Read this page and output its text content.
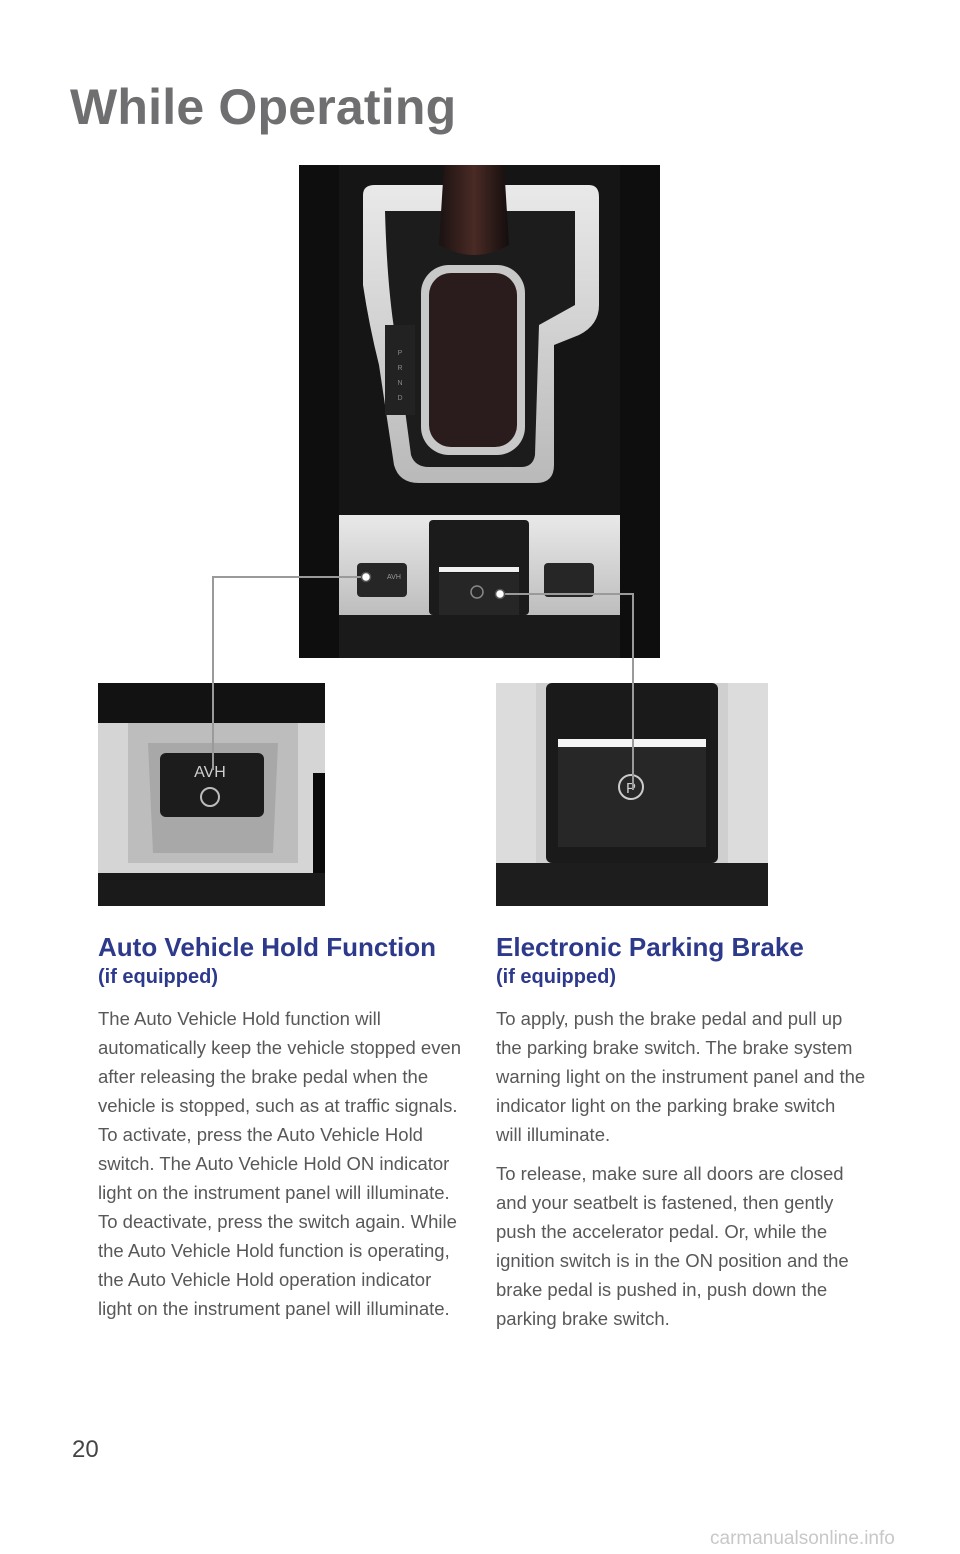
While Operating
P
R
N
D
AVH
AVH
P
Auto Vehicle Hold Function

(if equipped)

The Auto Vehicle Hold function will automatically keep the vehicle stopped even after releasing the brake pedal when the vehicle is stopped, such as at traffic signals. To activate, press the Auto Vehicle Hold switch. The Auto Vehicle Hold ON indicator light on the instrument panel will illuminate. To deactivate, press the switch again. While the Auto Vehicle Hold function is operating, the Auto Vehicle Hold operation indicator light on the instrument panel will illuminate.

Electronic Parking Brake

(if equipped)

To apply, push the brake pedal and pull up the parking brake switch. The brake system warning light on the instrument panel and the indicator light on the parking brake switch will illuminate.

To release, make sure all doors are closed and your seatbelt is fastened, then gently push the accelerator pedal. Or, while the ignition switch is in the ON position and the brake pedal is pushed in, push down the parking brake switch.

20

carmanualsonline.info
